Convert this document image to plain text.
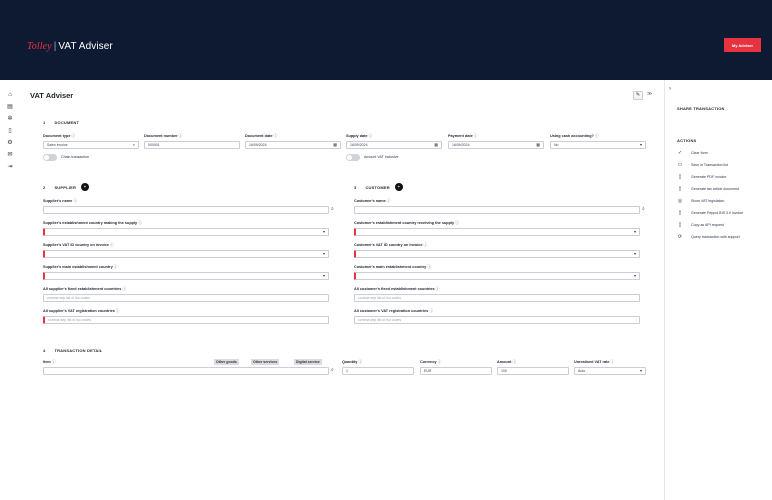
Tolley | VAT Adviser	My Adviser
⌂
▤
✲
▯
⚙
✉
⇥
VAT Adviser	✎	≫
1 DOCUMENT
Document typeⓘ
Sales invoice	×
Document numberⓘ
000001
Document dateⓘ
16/09/2024	▦
Supply dateⓘ
16/09/2024	▦
Payment dateⓘ
16/09/2024	▦
Using cash accounting?ⓘ
No	▾
Chain transaction	Amount VAT inclusive
2 SUPPLIER	+
Supplier's nameⓘ
⌕
Supplier's establishment country making the supplyⓘ
▾
Supplier's VAT ID country on invoiceⓘ
▾
Supplier's main establishment countryⓘ
▾
All supplier's fixed establishment countriesⓘ
comma sep list of iso codes
All supplier's VAT registration countriesⓘ
comma sep list of iso codes
3 CUSTOMER	+
Customer's nameⓘ
⌕
Customer's establishment country receiving the supplyⓘ
▾
Customer's VAT ID country on invoiceⓘ
▾
Customer's main establishment countryⓘ
▾
All customer's fixed establishment countriesⓘ
comma sep list of iso codes
All customer's VAT registration countriesⓘ
comma sep list of iso codes
4 TRANSACTION DETAIL
Itemⓘ	Other goods	Other services	Digital service
⌕
Quantityⓘ
1
Currencyⓘ
EUR
Amountⓘ
100
Unrealised VAT rateⓘ
Auto	▾
›
SHARE TRANSACTION
ACTIONS
✓ Clear form
▭ Save in Transaction list
▯	Generate PDF invoice
▯	Generate tax article document
◎ Show VAT legislation
▯	Generate Peppol BIS 3.0 invoice
▯	Copy as API request
⟳ Query transaction with support
